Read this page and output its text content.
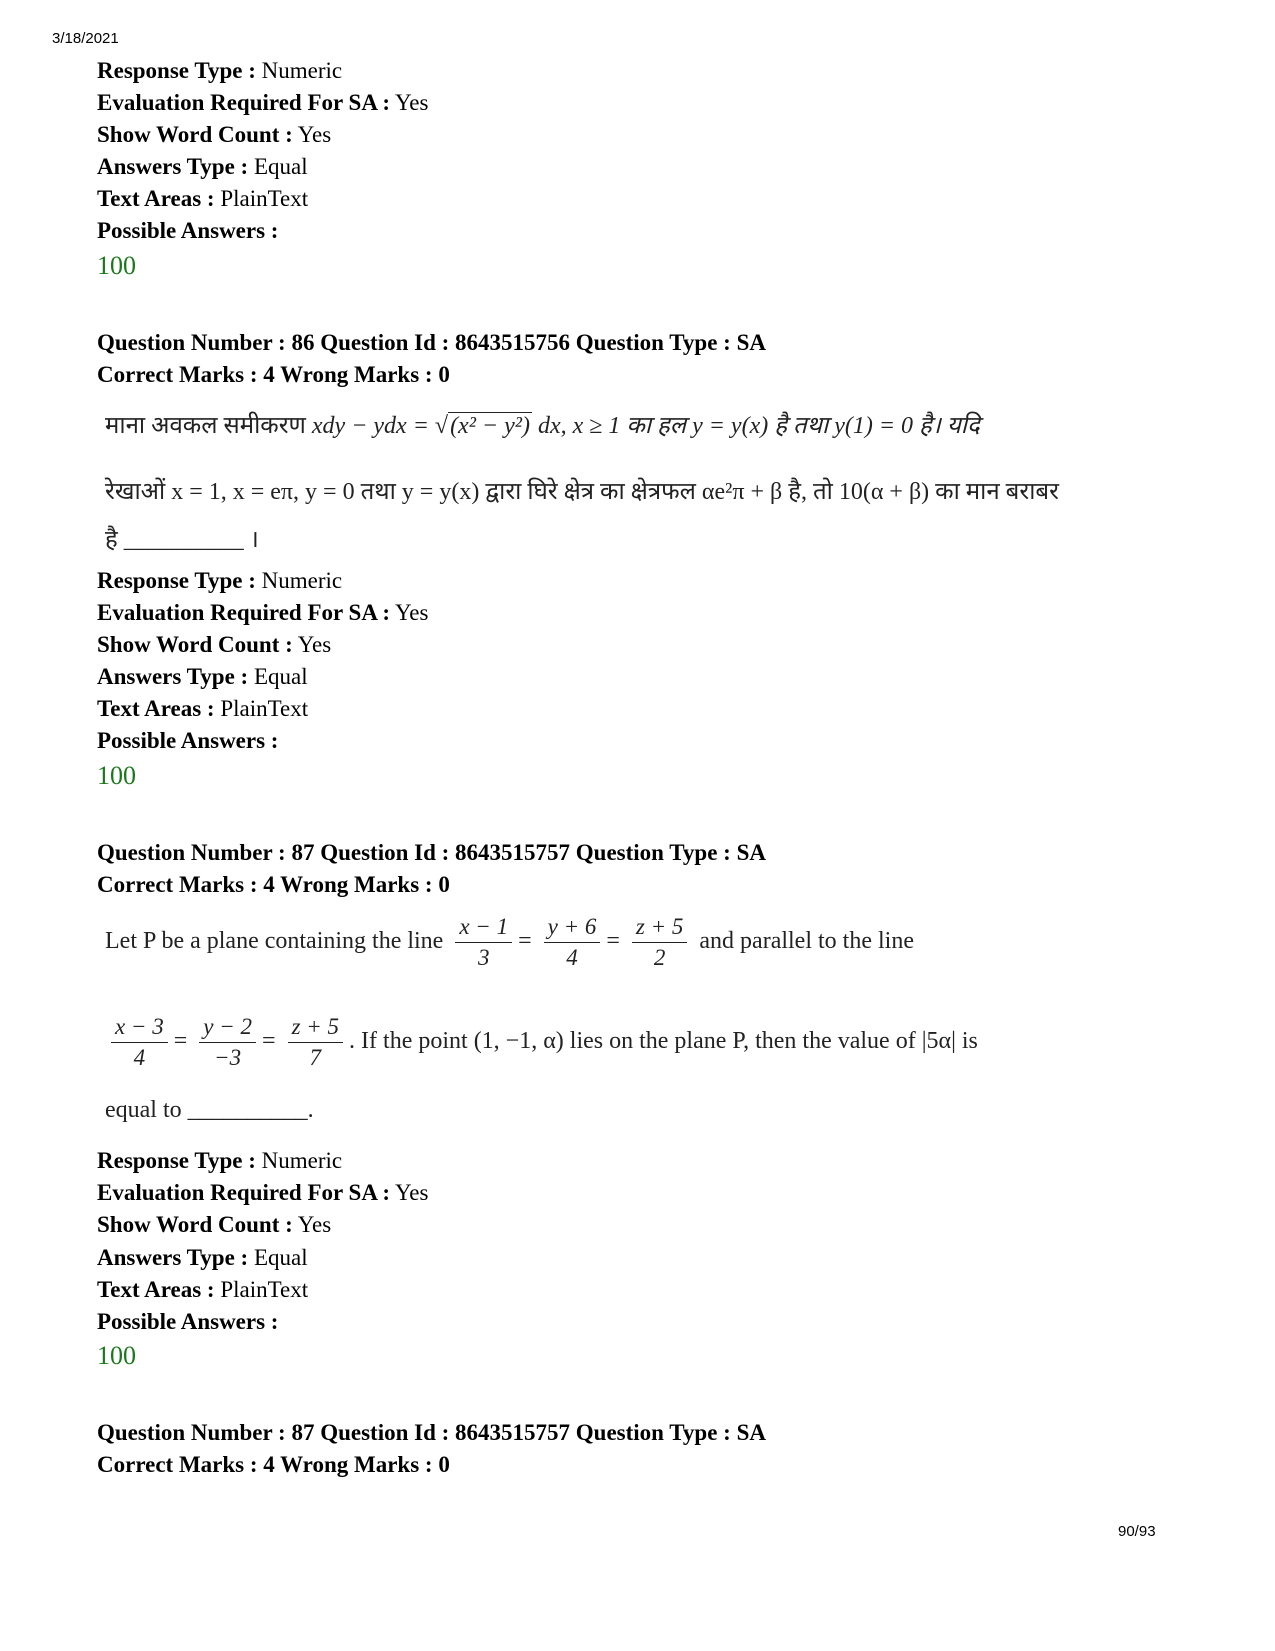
3/18/2021
Response Type : Numeric
Evaluation Required For SA : Yes
Show Word Count : Yes
Answers Type : Equal
Text Areas : PlainText
Possible Answers :
100
Question Number : 86 Question Id : 8643515756 Question Type : SA
Correct Marks : 4 Wrong Marks : 0
माना अवकल समीकरण xdy − ydx = √(x² − y²) dx, x ≥ 1 का हल y = y(x) है तथा y(1) = 0 है। यदि
रेखाओं x = 1, x = eπ, y = 0 तथा y = y(x) द्वारा घिरे क्षेत्र का क्षेत्रफल αe²π + β है, तो 10(α + β) का मान बराबर
है __________ ।
Response Type : Numeric
Evaluation Required For SA : Yes
Show Word Count : Yes
Answers Type : Equal
Text Areas : PlainText
Possible Answers :
100
Question Number : 87 Question Id : 8643515757 Question Type : SA
Correct Marks : 4 Wrong Marks : 0
Let P be a plane containing the line $\frac{x - 1}{3} = \frac{y + 6}{4} = \frac{z + 5}{2}$ and parallel to the line
$\frac{x - 3}{4} = \frac{y - 2}{-3} = \frac{z + 5}{7}$ . If the point (1, −1, α) lies on the plane P, then the value of |5α| is
equal to __________.
Response Type : Numeric
Evaluation Required For SA : Yes
Show Word Count : Yes
Answers Type : Equal
Text Areas : PlainText
Possible Answers :
100
Question Number : 87 Question Id : 8643515757 Question Type : SA
Correct Marks : 4 Wrong Marks : 0
90/93
